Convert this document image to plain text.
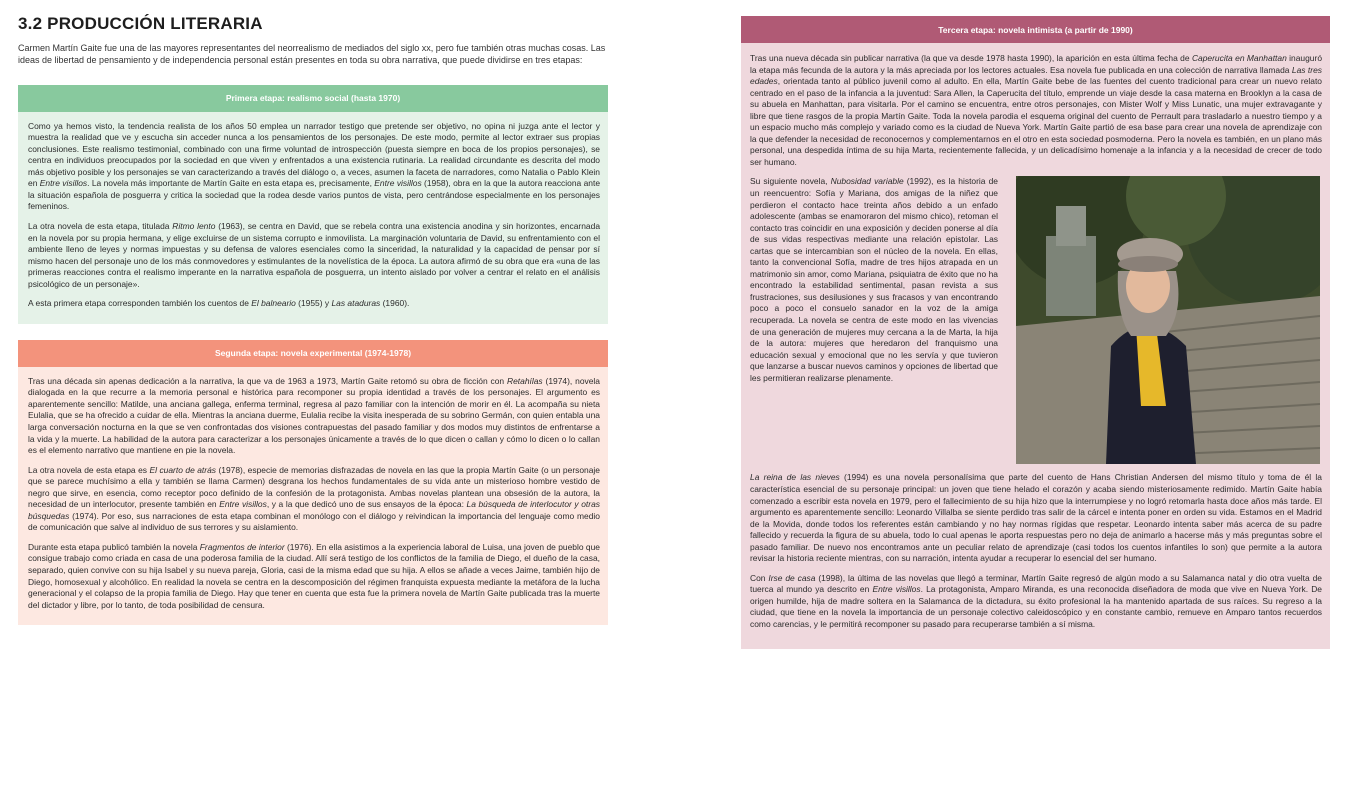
3.2 PRODUCCIÓN LITERARIA

Carmen Martín Gaite fue una de las mayores representantes del neorrealismo de mediados del siglo xx, pero fue también otras muchas cosas. Las ideas de libertad de pensamiento y de independencia personal están presentes en toda su obra narrativa, que puede dividirse en tres etapas:

Primera etapa: realismo social (hasta 1970)

Como ya hemos visto, la tendencia realista de los años 50 emplea un narrador testigo que pretende ser objetivo, no opina ni juzga ante el lector y muestra la realidad que ve y escucha sin acceder nunca a los pensamientos de los personajes. De este modo, permite al lector extraer sus propias conclusiones. Este realismo testimonial, combinado con una firme voluntad de introspección (puesta siempre en boca de los propios personajes), se centra en individuos preocupados por la sociedad en que viven y enfrentados a una existencia rutinaria. La realidad circundante es descrita del modo más objetivo posible y los personajes se van caracterizando a través del diálogo o, a veces, asumen la faceta de narradores, como Natalia o Pablo Klein en Entre visillos. La novela más importante de Martín Gaite en esta etapa es, precisamente, Entre visillos (1958), obra en la que la autora reacciona ante la situación española de posguerra y critica la sociedad que la rodea desde varios puntos de vista, pero centrándose especialmente en los personajes femeninos.

La otra novela de esta etapa, titulada Ritmo lento (1963), se centra en David, que se rebela contra una existencia anodina y sin horizontes, encarnada en la novela por su propia hermana, y elige excluirse de un sistema corrupto e inmovilista. La marginación voluntaria de David, su enfrentamiento con el ambiente lleno de leyes y normas impuestas y su defensa de valores esenciales como la sinceridad, la naturalidad y la capacidad de pensar por sí mismo hacen del personaje uno de los más conmovedores y estimulantes de la novelística de la época. La autora afirmó de su obra que era «una de las primeras reacciones contra el realismo imperante en la narrativa española de posguerra, un intento aislado por volver a centrar el relato en el análisis psicológico de un personaje».

A esta primera etapa corresponden también los cuentos de El balneario (1955) y Las ataduras (1960).

Segunda etapa: novela experimental (1974-1978)

Tras una década sin apenas dedicación a la narrativa, la que va de 1963 a 1973, Martín Gaite retomó su obra de ficción con Retahílas (1974), novela dialogada en la que recurre a la memoria personal e histórica para recomponer su propia identidad a través de los personajes. El argumento es aparentemente sencillo: Matilde, una anciana gallega, enferma terminal, regresa al pazo familiar con la intención de morir en él. La acompaña su nieta Eulalia, que se ha ofrecido a cuidar de ella. Mientras la anciana duerme, Eulalia recibe la visita inesperada de su sobrino Germán, con quien entabla una larga conversación nocturna en la que se ven confrontadas dos visiones contrapuestas del pasado familiar y dos modos muy distintos de enfrentarse a la vida y la muerte. La habilidad de la autora para caracterizar a los personajes únicamente a través de lo que dicen o callan y cómo lo dicen o lo callan es el elemento narrativo que mantiene en pie la novela.

La otra novela de esta etapa es El cuarto de atrás (1978), especie de memorias disfrazadas de novela en las que la propia Martín Gaite (o un personaje que se parece muchísimo a ella y también se llama Carmen) desgrana los hechos fundamentales de su vida ante un misterioso hombre vestido de negro que sirve, en esencia, como receptor poco definido de la confesión de la protagonista. Ambas novelas plantean una obsesión de la autora, la necesidad de un interlocutor, presente también en Entre visillos, y a la que dedicó uno de sus ensayos de la época: La búsqueda de interlocutor y otras búsquedas (1974). Por eso, sus narraciones de esta etapa combinan el monólogo con el diálogo y reivindican la importancia del lenguaje como medio de comunicación que salve al individuo de sus terrores y su aislamiento.

Durante esta etapa publicó también la novela Fragmentos de interior (1976). En ella asistimos a la experiencia laboral de Luisa, una joven de pueblo que consigue trabajo como criada en casa de una poderosa familia de la ciudad. Allí será testigo de los conflictos de la familia de Diego, el dueño de la casa, separado, quien convive con su hija Isabel y su nueva pareja, Gloria, casi de la misma edad que su hija. A ellos se añade a veces Jaime, también hijo de Diego, homosexual y alcohólico. En realidad la novela se centra en la descomposición del régimen franquista expuesta mediante la metáfora de la lucha generacional y el colapso de la propia familia de Diego. Hay que tener en cuenta que esta fue la primera novela de Martín Gaite publicada tras la muerte del dictador y libre, por lo tanto, de toda posibilidad de censura.

Tercera etapa: novela intimista (a partir de 1990)

Tras una nueva década sin publicar narrativa (la que va desde 1978 hasta 1990), la aparición en esta última fecha de Caperucita en Manhattan inauguró la etapa más fecunda de la autora y la más apreciada por los lectores actuales. Esa novela fue publicada en una colección de narrativa llamada Las tres edades, orientada tanto al público juvenil como al adulto. En ella, Martín Gaite bebe de las fuentes del cuento tradicional para crear un nuevo relato centrado en el paso de la infancia a la juventud: Sara Allen, la Caperucita del título, emprende un viaje desde la casa materna en Brooklyn a la casa de su abuela en Manhattan, para visitarla. Por el camino se encuentra, entre otros personajes, con Mister Wolf y Miss Lunatic, una mujer extravagante y libre que tiene rasgos de la propia Martín Gaite. Toda la novela parodia el esquema original del cuento de Perrault para trasladarlo a nuestro tiempo y a un espacio mucho más complejo y variado como es la ciudad de Nueva York. Martín Gaite partió de esa base para crear una novela de aprendizaje con la que defender la necesidad de reconocernos y complementarnos en el otro en esta sociedad posmoderna. Pero la novela es también, en un plano más personal, una despedida íntima de su hija Marta, recientemente fallecida, y un delicadísimo homenaje a la infancia y a la necesidad de crecer de todo ser humano.

Su siguiente novela, Nubosidad variable (1992), es la historia de un reencuentro: Sofía y Mariana, dos amigas de la niñez que perdieron el contacto hace treinta años debido a un enfado adolescente (ambas se enamoraron del mismo chico), retoman el contacto tras coincidir en una exposición y deciden ponerse al día de sus vidas respectivas mediante una relación epistolar. Las cartas que se intercambian son el núcleo de la novela. En ellas, tanto la convencional Sofía, madre de tres hijos atrapada en un matrimonio sin amor, como Mariana, psiquiatra de éxito que no ha encontrado la estabilidad sentimental, pasan revista a sus frustraciones, sus desilusiones y sus fracasos y van encontrando poco a poco el consuelo sanador en la voz de la amiga recuperada. La novela se centra de este modo en las vivencias de una generación de mujeres muy cercana a la de Marta, la hija de la autora: mujeres que heredaron del franquismo una educación sexual y emocional que no les servía y que tuvieron que lanzarse a buscar nuevos caminos y opciones de libertad que les permitieran realizarse plenamente.

La reina de las nieves (1994) es una novela personalísima que parte del cuento de Hans Christian Andersen del mismo título y toma de él la característica esencial de su personaje principal: un joven que tiene helado el corazón y acaba siendo misteriosamente redimido. Martín Gaite había comenzado a escribir esta novela en 1979, pero el fallecimiento de su hija hizo que la interrumpiese y no logró retomarla hasta doce años más tarde. El argumento es aparentemente sencillo: Leonardo Villalba se siente perdido tras salir de la cárcel e intenta poner en orden su vida. Estamos en el Madrid de la Movida, donde todos los referentes están cambiando y no hay normas rígidas que respetar. Leonardo intenta saber más acerca de su padre fallecido y recuerda la figura de su abuela, todo lo cual apenas le aporta respuestas pero no deja de animarlo a hacerse más y más preguntas sobre el pasado familiar. De nuevo nos encontramos ante un peculiar relato de aprendizaje (casi todos los cuentos infantiles lo son) que permite a la autora revisar la historia reciente mientras, con su narración, intenta ayudar a recuperar lo esencial del ser humano.

Con Irse de casa (1998), la última de las novelas que llegó a terminar, Martín Gaite regresó de algún modo a su Salamanca natal y dio otra vuelta de tuerca al mundo ya descrito en Entre visillos. La protagonista, Amparo Miranda, es una reconocida diseñadora de moda que vive en Nueva York. De origen humilde, hija de madre soltera en la Salamanca de la dictadura, su éxito profesional la ha mantenido apartada de sus raíces. Su regreso a la ciudad, que tiene en la novela la importancia de un personaje colectivo caleidoscópico y en constante cambio, remueve en Amparo tantos recuerdos como carencias, y le permitirá recomponer su pasado para recuperarse también a sí misma.
